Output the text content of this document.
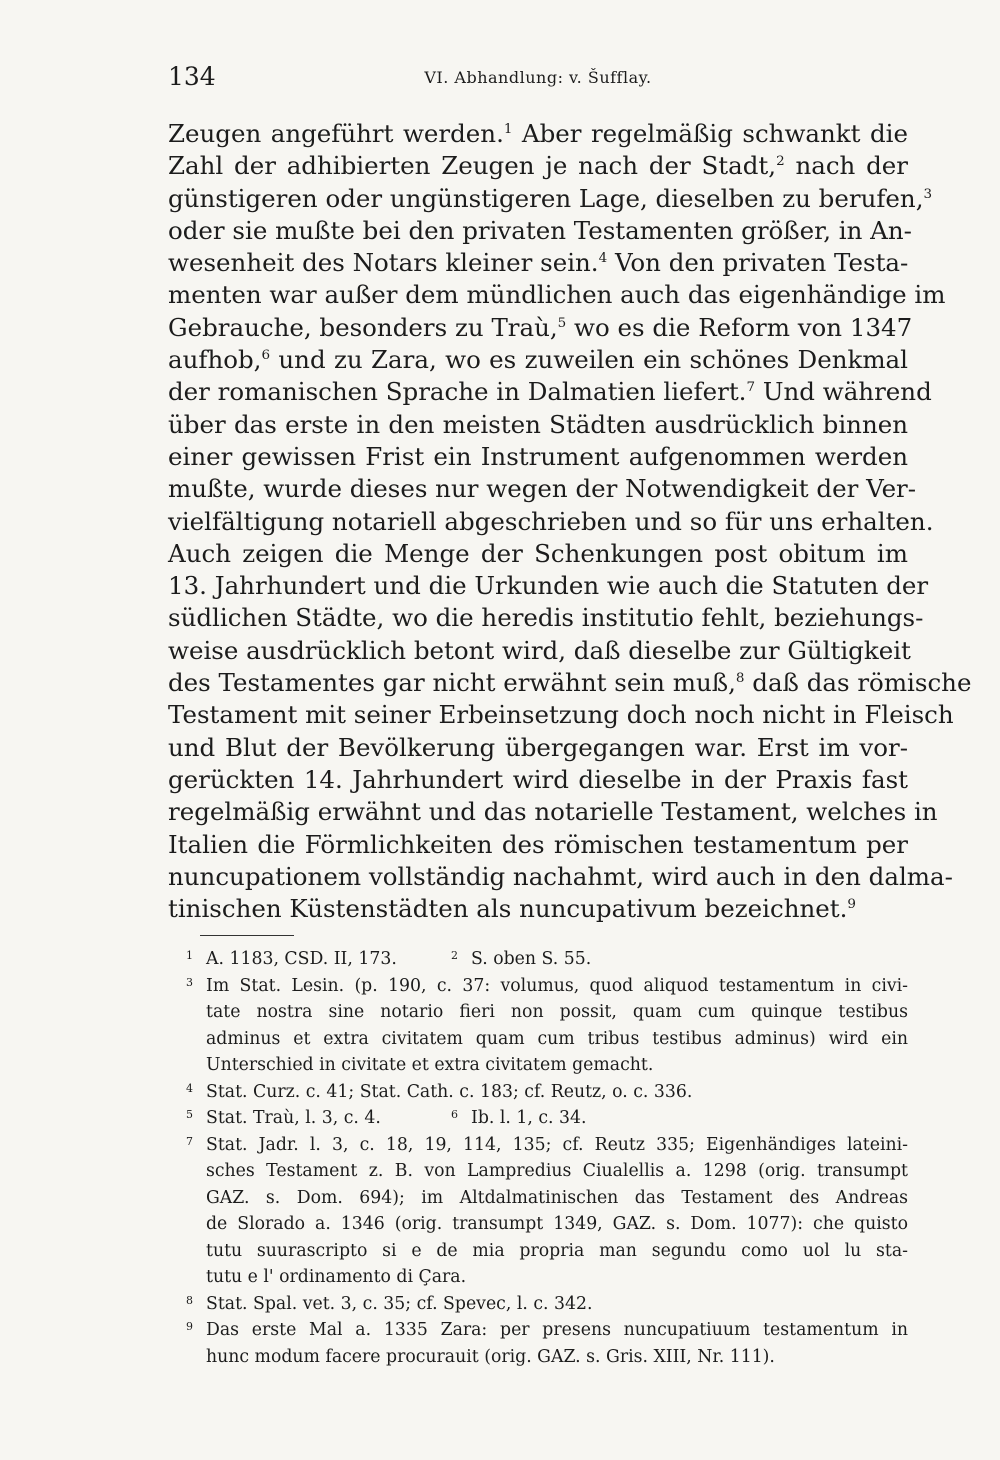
134	VI. Abhandlung: v. Šufflay.
Zeugen angeführt werden.$^1$ Aber regelmäßig schwankt die
Zahl der adhibierten Zeugen je nach der Stadt,$^2$ nach der
günstigeren oder ungünstigeren Lage, dieselben zu berufen,$^3$
oder sie mußte bei den privaten Testamenten größer, in An-
wesenheit des Notars kleiner sein.$^4$ Von den privaten Testa-
menten war außer dem mündlichen auch das eigenhändige im
Gebrauche, besonders zu Traù,$^5$ wo es die Reform von 1347
aufhob,$^6$ und zu Zara, wo es zuweilen ein schönes Denkmal
der romanischen Sprache in Dalmatien liefert.$^7$ Und während
über das erste in den meisten Städten ausdrücklich binnen
einer gewissen Frist ein Instrument aufgenommen werden
mußte, wurde dieses nur wegen der Notwendigkeit der Ver-
vielfältigung notariell abgeschrieben und so für uns erhalten.
Auch zeigen die Menge der Schenkungen post obitum im
13. Jahrhundert und die Urkunden wie auch die Statuten der
südlichen Städte, wo die heredis institutio fehlt, beziehungs-
weise ausdrücklich betont wird, daß dieselbe zur Gültigkeit
des Testamentes gar nicht erwähnt sein muß,$^8$ daß das römische
Testament mit seiner Erbeinsetzung doch noch nicht in Fleisch
und Blut der Bevölkerung übergegangen war. Erst im vor-
gerückten 14. Jahrhundert wird dieselbe in der Praxis fast
regelmäßig erwähnt und das notarielle Testament, welches in
Italien die Förmlichkeiten des römischen testamentum per
nuncupationem vollständig nachahmt, wird auch in den dalma-
tinischen Küstenstädten als nuncupativum bezeichnet.$^9$
1 A. 1183, CSD. II, 173.	2 S. oben S. 55.
3 Im Stat. Lesin. (p. 190, c. 37: volumus, quod aliquod testamentum in civi-
tate nostra sine notario fieri non possit, quam cum quinque testibus
adminus et extra civitatem quam cum tribus testibus adminus) wird ein
Unterschied in civitate et extra civitatem gemacht.
4 Stat. Curz. c. 41; Stat. Cath. c. 183; cf. Reutz, o. c. 336.
5 Stat. Traù, l. 3, c. 4.	6 Ib. l. 1, c. 34.
7 Stat. Jadr. l. 3, c. 18, 19, 114, 135; cf. Reutz 335; Eigenhändiges lateini-
sches Testament z. B. von Lampredius Ciualellis a. 1298 (orig. transumpt
GAZ. s. Dom. 694); im Altdalmatinischen das Testament des Andreas
de Slorado a. 1346 (orig. transumpt 1349, GAZ. s. Dom. 1077): che quisto
tutu suurascripto si e de mia propria man segundu como uol lu sta-
tutu e l' ordinamento di Çara.
8 Stat. Spal. vet. 3, c. 35; cf. Spevec, l. c. 342.
9 Das erste Mal a. 1335 Zara: per presens nuncupatiuum testamentum in
hunc modum facere procurauit (orig. GAZ. s. Gris. XIII, Nr. 111).
